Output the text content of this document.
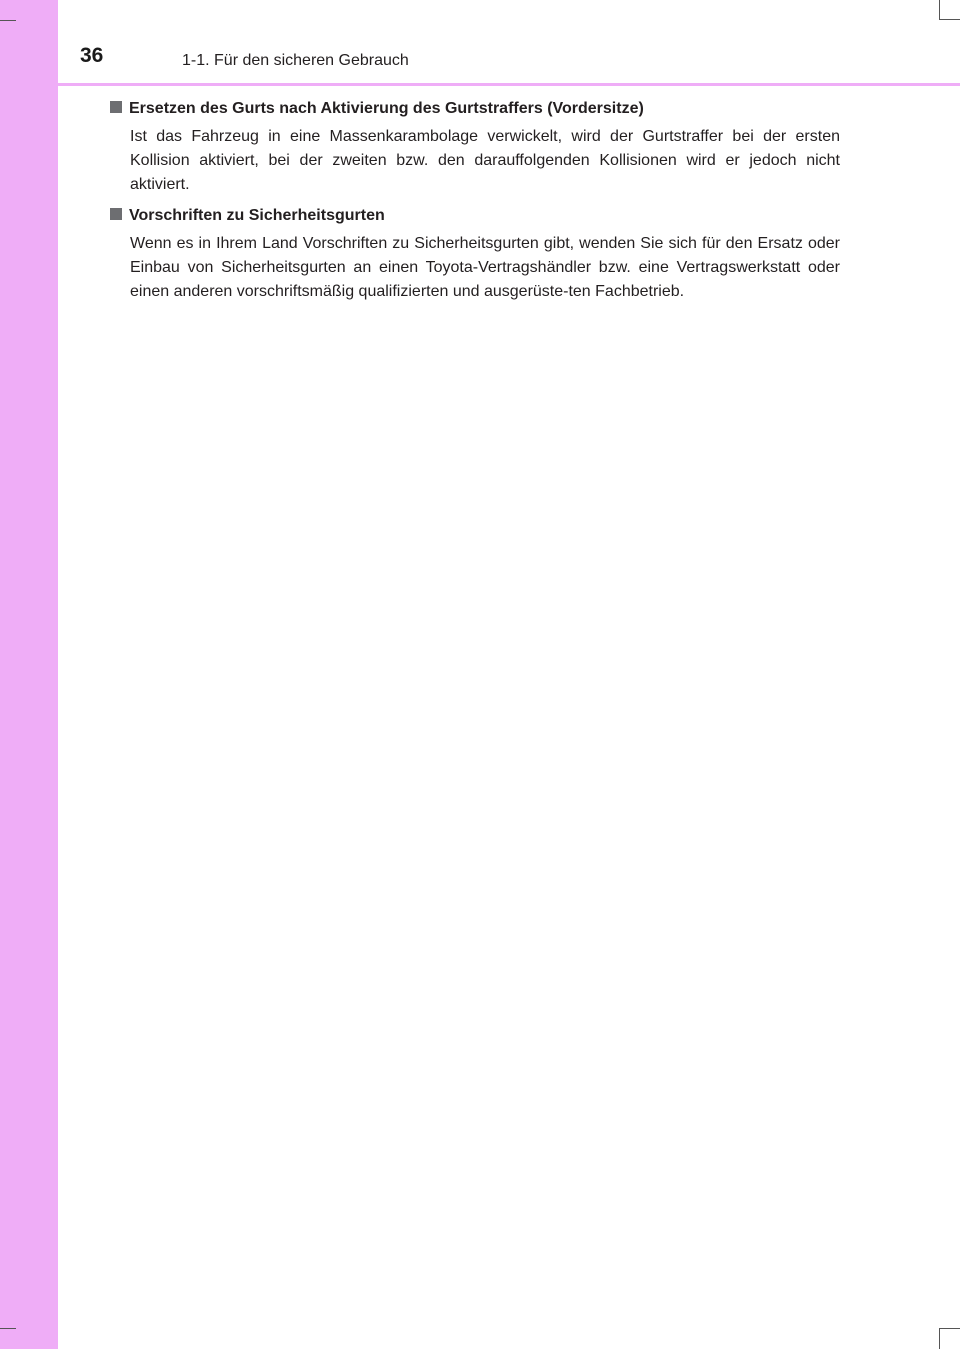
36	1-1. Für den sicheren Gebrauch
Ersetzen des Gurts nach Aktivierung des Gurtstraffers (Vordersitze)
Ist das Fahrzeug in eine Massenkarambolage verwickelt, wird der Gurtstraffer bei der ersten Kollision aktiviert, bei der zweiten bzw. den darauffolgenden Kollisionen wird er jedoch nicht aktiviert.
Vorschriften zu Sicherheitsgurten
Wenn es in Ihrem Land Vorschriften zu Sicherheitsgurten gibt, wenden Sie sich für den Ersatz oder Einbau von Sicherheitsgurten an einen Toyota-Vertragshändler bzw. eine Vertragswerkstatt oder einen anderen vorschriftsmäßig qualifizierten und ausgerüste-ten Fachbetrieb.
